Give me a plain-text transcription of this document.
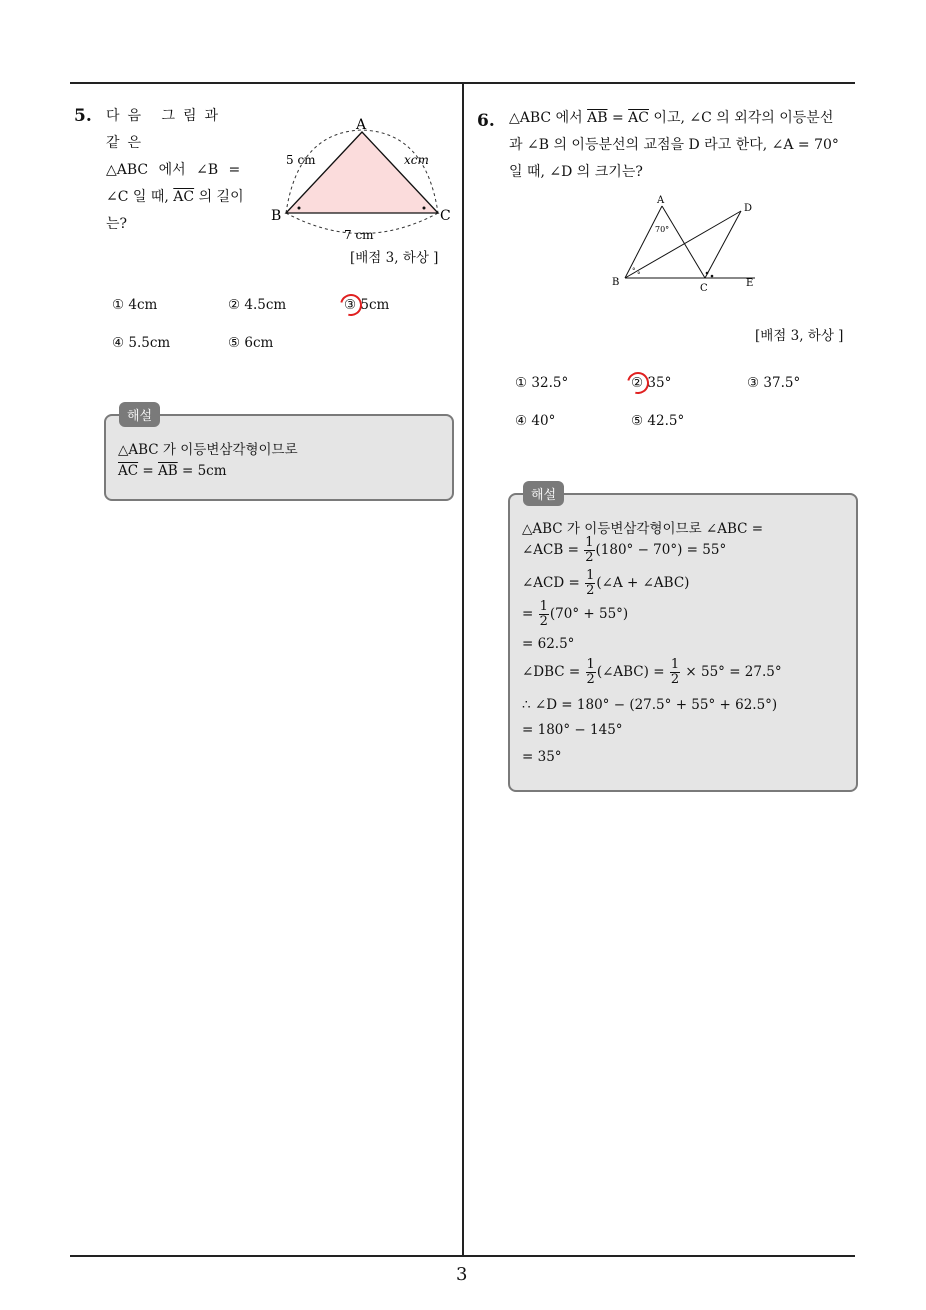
3
5. 다음 그림과 같은
△ABC 에서 ∠B =
∠C 일 때, $\overline{AC}$ 의 길이
는?
A
B	C
5 cm	xcm
7 cm
[배점 3, 하상 ]
① 4cm	② 4.5cm	③ 5cm
④ 5.5cm	⑤ 6cm
해설
△ABC 가 이등변삼각형이므로
$\overline{AC} = \overline{AB} = 5cm$
6. △ABC 에서 $\overline{AB} = \overline{AC}$ 이고, ∠C 의 외각의 이등분선
과 ∠B 의 이등분선의 교점을 D 라고 한다, ∠A = 70°
일 때, ∠D 의 크기는?
° °
A
B
C
D
E
70°
[배점 3, 하상 ]
① 32.5°	② 35°	③ 37.5°
④ 40°	⑤ 42.5°
해설
△ABC 가 이등변삼각형이므로 ∠ABC =
∠ACB = $\frac{1}{2} (180^\circ - 70^\circ) = 55^\circ$
∠ACD = $\frac{1}{2}$ (∠A + ∠ABC)
= $\frac{1}{2} (70^\circ + 55^\circ)$
= 62.5°
∠DBC = $\frac{1}{2}$ (∠ABC) = $\frac{1}{2} \times 55^\circ = 27.5^\circ$
∴ ∠D = 180° − (27.5° + 55° + 62.5°)
= 180° − 145°
= 35°
